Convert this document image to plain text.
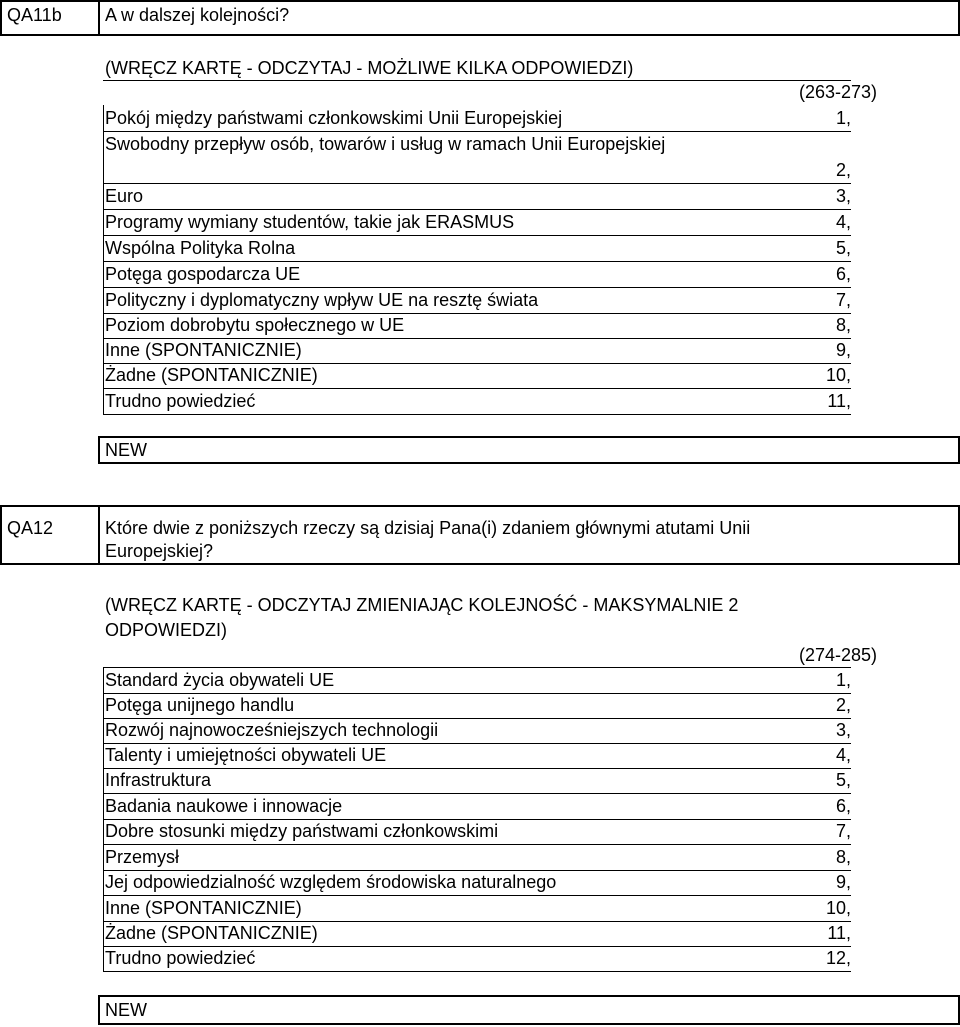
QA11b A w dalszej kolejności?
(WRĘCZ KARTĘ - ODCZYTAJ - MOŻLIWE KILKA ODPOWIEDZI)
(263-273)
Pokój między państwami członkowskimi Unii Europejskiej	1,
Swobodny przepływ osób, towarów i usług w ramach Unii Europejskiej
2,
Euro	3,
Programy wymiany studentów, takie jak ERASMUS	4,
Wspólna Polityka Rolna	5,
Potęga gospodarcza UE	6,
Polityczny i dyplomatyczny wpływ UE na resztę świata	7,
Poziom dobrobytu społecznego w UE	8,
Inne (SPONTANICZNIE)	9,
Żadne (SPONTANICZNIE)	10,
Trudno powiedzieć	11,
NEW
QA12	Które dwie z poniższych rzeczy są dzisiaj Pana(i) zdaniem głównymi atutami Unii
Europejskiej?
(WRĘCZ KARTĘ - ODCZYTAJ ZMIENIAJĄC KOLEJNOŚĆ - MAKSYMALNIE 2
ODPOWIEDZI)
(274-285)
Standard życia obywateli UE	1,
Potęga unijnego handlu	2,
Rozwój najnowocześniejszych technologii	3,
Talenty i umiejętności obywateli UE	4,
Infrastruktura	5,
Badania naukowe i innowacje	6,
Dobre stosunki między państwami członkowskimi	7,
Przemysł	8,
Jej odpowiedzialność względem środowiska naturalnego	9,
Inne (SPONTANICZNIE)	10,
Żadne (SPONTANICZNIE)	11,
Trudno powiedzieć	12,
NEW
